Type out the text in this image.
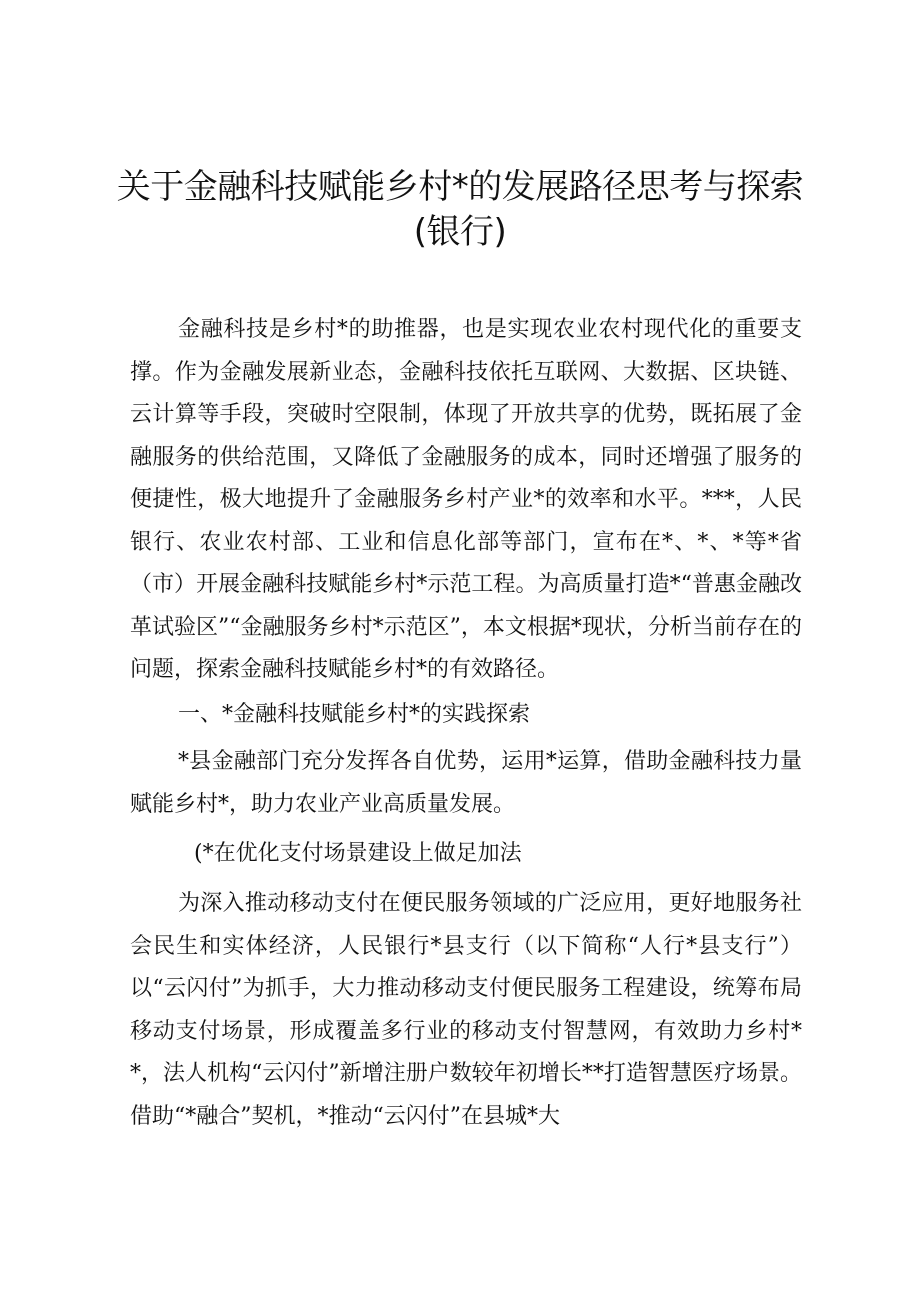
关于金融科技赋能乡村*的发展路径思考与探索
(银行)

金融科技是乡村*的助推器，也是实现农业农村现代化的重要支撑。作为金融发展新业态，金融科技依托互联网、大数据、区块链、云计算等手段，突破时空限制，体现了开放共享的优势，既拓展了金融服务的供给范围，又降低了金融服务的成本，同时还增强了服务的便捷性，极大地提升了金融服务乡村产业*的效率和水平。***，人民银行、农业农村部、工业和信息化部等部门，宣布在*、*、*等*省（市）开展金融科技赋能乡村*示范工程。为高质量打造*“普惠金融改革试验区”“金融服务乡村*示范区”，本文根据*现状，分析当前存在的问题，探索金融科技赋能乡村*的有效路径。

一、*金融科技赋能乡村*的实践探索

*县金融部门充分发挥各自优势，运用*运算，借助金融科技力量赋能乡村*，助力农业产业高质量发展。

(*在优化支付场景建设上做足加法

为深入推动移动支付在便民服务领域的广泛应用，更好地服务社会民生和实体经济，人民银行*县支行（以下简称“人行*县支行”）以“云闪付”为抓手，大力推动移动支付便民服务工程建设，统筹布局移动支付场景，形成覆盖多行业的移动支付智慧网，有效助力乡村**，法人机构“云闪付”新增注册户数较年初增长**打造智慧医疗场景。借助“*融合”契机，*推动“云闪付”在县城*大
